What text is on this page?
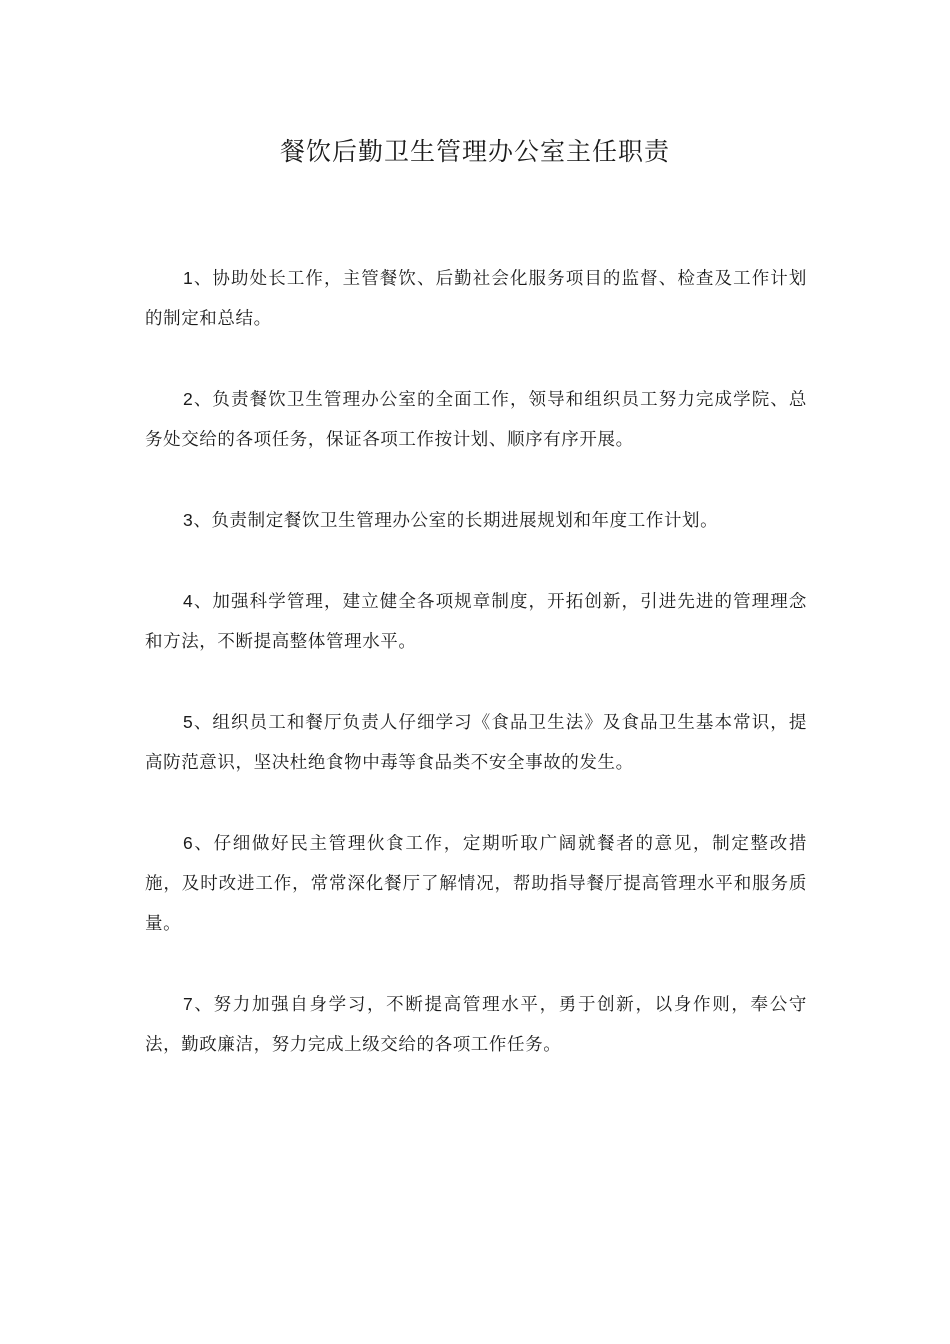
餐饮后勤卫生管理办公室主任职责

1、协助处长工作，主管餐饮、后勤社会化服务项目的监督、检查及工作计划的制定和总结。

2、负责餐饮卫生管理办公室的全面工作，领导和组织员工努力完成学院、总务处交给的各项任务，保证各项工作按计划、顺序有序开展。

3、负责制定餐饮卫生管理办公室的长期进展规划和年度工作计划。

4、加强科学管理，建立健全各项规章制度，开拓创新，引进先进的管理理念和方法，不断提高整体管理水平。

5、组织员工和餐厅负责人仔细学习《食品卫生法》及食品卫生基本常识，提高防范意识，坚决杜绝食物中毒等食品类不安全事故的发生。

6、仔细做好民主管理伙食工作，定期听取广阔就餐者的意见，制定整改措施，及时改进工作，常常深化餐厅了解情况，帮助指导餐厅提高管理水平和服务质量。

7、努力加强自身学习，不断提高管理水平，勇于创新，以身作则，奉公守法，勤政廉洁，努力完成上级交给的各项工作任务。
